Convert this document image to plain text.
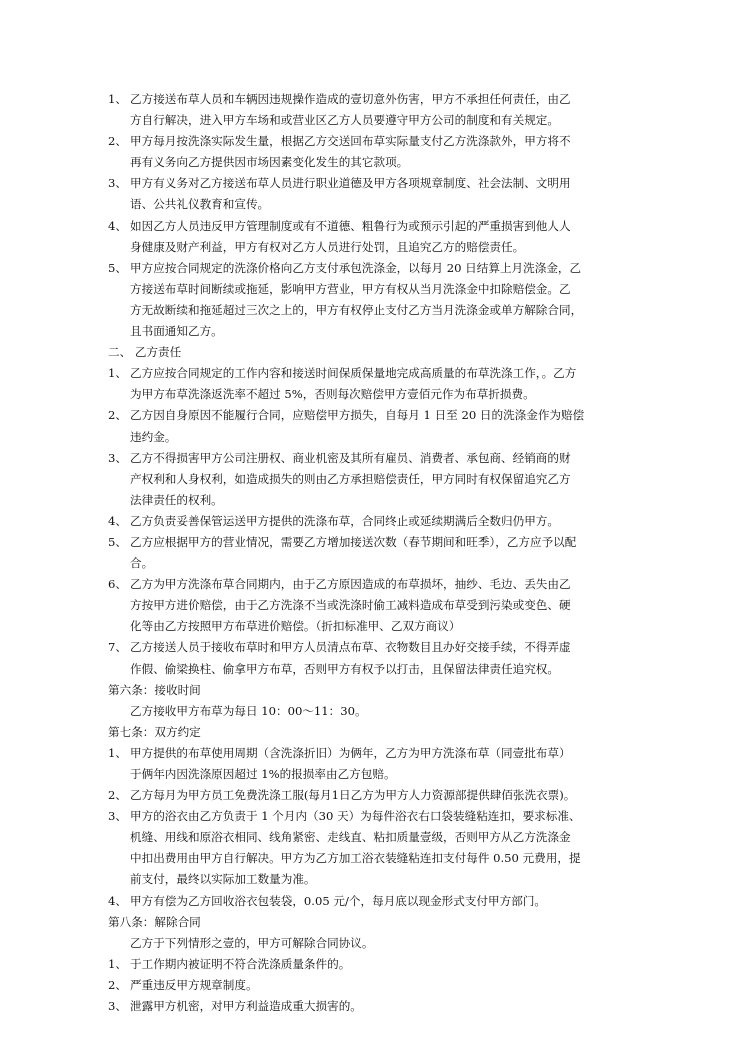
1、 乙方接送布草人员和车辆因违规操作造成的壹切意外伤害，甲方不承担任何责任，由乙
方自行解决，进入甲方车场和或营业区乙方人员要遵守甲方公司的制度和有关规定。
2、 甲方每月按洗涤实际发生量，根据乙方交送回布草实际量支付乙方洗涤款外，甲方将不
再有义务向乙方提供因市场因素变化发生的其它款项。
3、 甲方有义务对乙方接送布草人员进行职业道德及甲方各项规章制度、社会法制、文明用
语、公共礼仪教育和宣传。
4、 如因乙方人员违反甲方管理制度或有不道德、粗鲁行为或预示引起的严重损害到他人人
身健康及财产利益，甲方有权对乙方人员进行处罚，且追究乙方的赔偿责任。
5、 甲方应按合同规定的洗涤价格向乙方支付承包洗涤金，以每月 20 日结算上月洗涤金，乙
方接送布草时间断续或拖延，影响甲方营业，甲方有权从当月洗涤金中扣除赔偿金。乙
方无故断续和拖延超过三次之上的，甲方有权停止支付乙方当月洗涤金或单方解除合同，
且书面通知乙方。
二、 乙方责任
1、 乙方应按合同规定的工作内容和接送时间保质保量地完成高质量的布草洗涤工作，。乙方
为甲方布草洗涤返洗率不超过 5%，否则每次赔偿甲方壹佰元作为布草折损费。
2、 乙方因自身原因不能履行合同，应赔偿甲方损失，自每月 1 日至 20 日的洗涤金作为赔偿
违约金。
3、 乙方不得损害甲方公司注册权、商业机密及其所有雇员、消费者、承包商、经销商的财
产权利和人身权利，如造成损失的则由乙方承担赔偿责任，甲方同时有权保留追究乙方
法律责任的权利。
4、 乙方负责妥善保管运送甲方提供的洗涤布草，合同终止或延续期满后全数归仍甲方。
5、 乙方应根据甲方的营业情况，需要乙方增加接送次数（春节期间和旺季），乙方应予以配
合。
6、 乙方为甲方洗涤布草合同期内，由于乙方原因造成的布草损坏，抽纱、毛边、丢失由乙
方按甲方进价赔偿，由于乙方洗涤不当或洗涤时偷工减料造成布草受到污染或变色、硬
化等由乙方按照甲方布草进价赔偿。（折扣标准甲、乙双方商议）
7、 乙方接送人员于接收布草时和甲方人员清点布草、衣物数目且办好交接手续，不得弄虚
作假、偷梁换柱、偷拿甲方布草，否则甲方有权予以打击，且保留法律责任追究权。
第六条：接收时间
乙方接收甲方布草为每日 10：00～11：30。
第七条：双方约定
1、 甲方提供的布草使用周期（含洗涤折旧）为俩年，乙方为甲方洗涤布草（同壹批布草）
于俩年内因洗涤原因超过 1%的报损率由乙方包赔。
2、 乙方每月为甲方员工免费洗涤工服(每月1日乙方为甲方人力资源部提供肆佰张洗衣票)。
3、 甲方的浴衣由乙方负责于 1 个月内（30 天）为每件浴衣右口袋装缝粘连扣，要求标准、
机缝、用线和原浴衣相同、线角紧密、走线直、粘扣质量壹级，否则甲方从乙方洗涤金
中扣出费用由甲方自行解决。甲方为乙方加工浴衣装缝粘连扣支付每件 0.50 元费用，提
前支付，最终以实际加工数量为准。
4、 甲方有偿为乙方回收浴衣包装袋，0.05 元/个，每月底以现金形式支付甲方部门。
第八条：解除合同
乙方于下列情形之壹的，甲方可解除合同协议。
1、 于工作期内被证明不符合洗涤质量条件的。
2、 严重违反甲方规章制度。
3、 泄露甲方机密，对甲方利益造成重大损害的。
